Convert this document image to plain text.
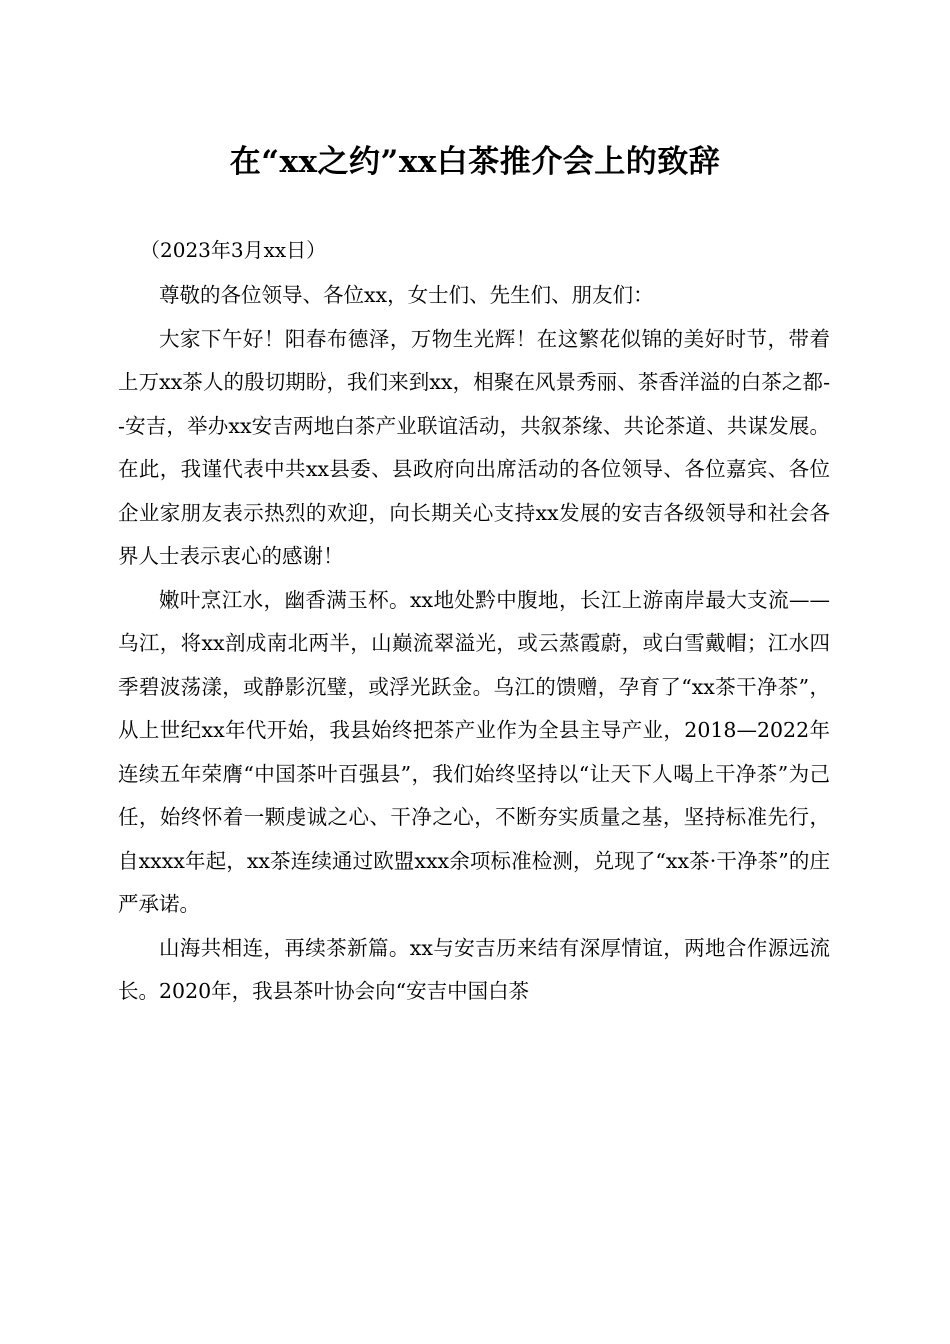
在“xx之约”xx白茶推介会上的致辞
（2023年3月xx日）

尊敬的各位领导、各位xx，女士们、先生们、朋友们：

大家下午好！阳春布德泽，万物生光辉！在这繁花似锦的美好时节，带着上万xx茶人的殷切期盼，我们来到xx，相聚在风景秀丽、茶香洋溢的白茶之都--安吉，举办xx安吉两地白茶产业联谊活动，共叙茶缘、共论茶道、共谋发展。在此，我谨代表中共xx县委、县政府向出席活动的各位领导、各位嘉宾、各位企业家朋友表示热烈的欢迎，向长期关心支持xx发展的安吉各级领导和社会各界人士表示衷心的感谢！

嫩叶烹江水，幽香满玉杯。xx地处黔中腹地，长江上游南岸最大支流——乌江，将xx剖成南北两半，山巅流翠溢光，或云蒸霞蔚，或白雪戴帽；江水四季碧波荡漾，或静影沉璧，或浮光跃金。乌江的馈赠，孕育了“xx茶干净茶”，从上世纪xx年代开始，我县始终把茶产业作为全县主导产业，2018—2022年连续五年荣膺“中国茶叶百强县”，我们始终坚持以“让天下人喝上干净茶”为己任，始终怀着一颗虔诚之心、干净之心，不断夯实质量之基，坚持标准先行，自xxxx年起，xx茶连续通过欧盟xxx余项标准检测，兑现了“xx茶·干净茶”的庄严承诺。

山海共相连，再续茶新篇。xx与安吉历来结有深厚情谊，两地合作源远流长。2020年，我县茶叶协会向“安吉中国白茶
